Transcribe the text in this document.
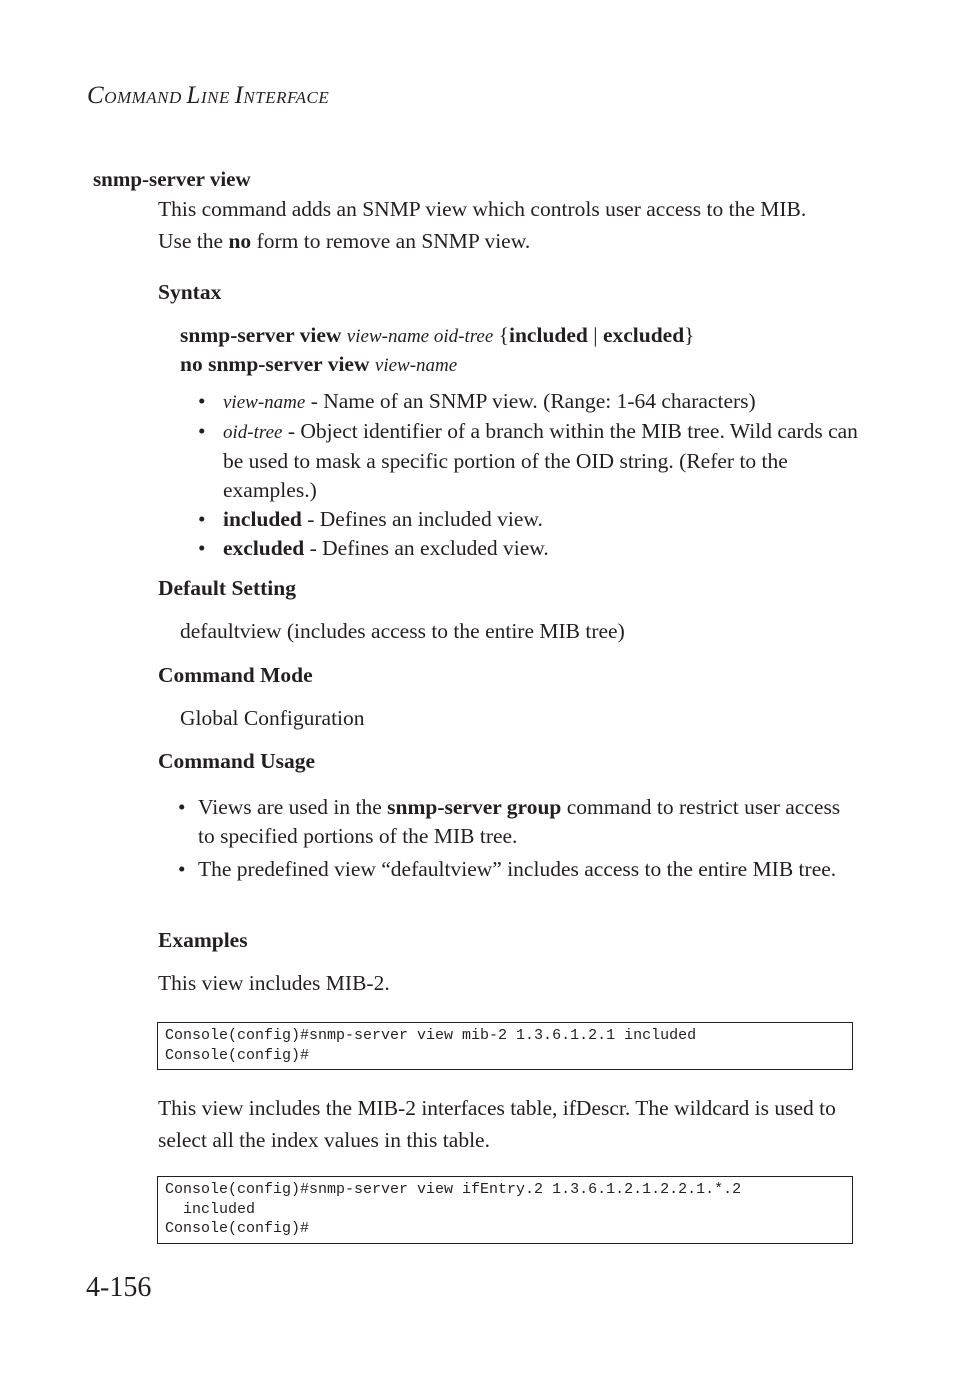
COMMAND LINE INTERFACE
snmp-server view
This command adds an SNMP view which controls user access to the MIB. Use the no form to remove an SNMP view.
Syntax
snmp-server view view-name oid-tree {included | excluded}
no snmp-server view view-name
• view-name - Name of an SNMP view. (Range: 1-64 characters)
• oid-tree - Object identifier of a branch within the MIB tree. Wild cards can be used to mask a specific portion of the OID string. (Refer to the examples.)
• included - Defines an included view.
• excluded - Defines an excluded view.
Default Setting
defaultview (includes access to the entire MIB tree)
Command Mode
Global Configuration
Command Usage
• Views are used in the snmp-server group command to restrict user access to specified portions of the MIB tree.
• The predefined view “defaultview” includes access to the entire MIB tree.
Examples
This view includes MIB-2.
Console(config)#snmp-server view mib-2 1.3.6.1.2.1 included
Console(config)#
This view includes the MIB-2 interfaces table, ifDescr. The wildcard is used to select all the index values in this table.
Console(config)#snmp-server view ifEntry.2 1.3.6.1.2.1.2.2.1.*.2
included
Console(config)#
4-156
